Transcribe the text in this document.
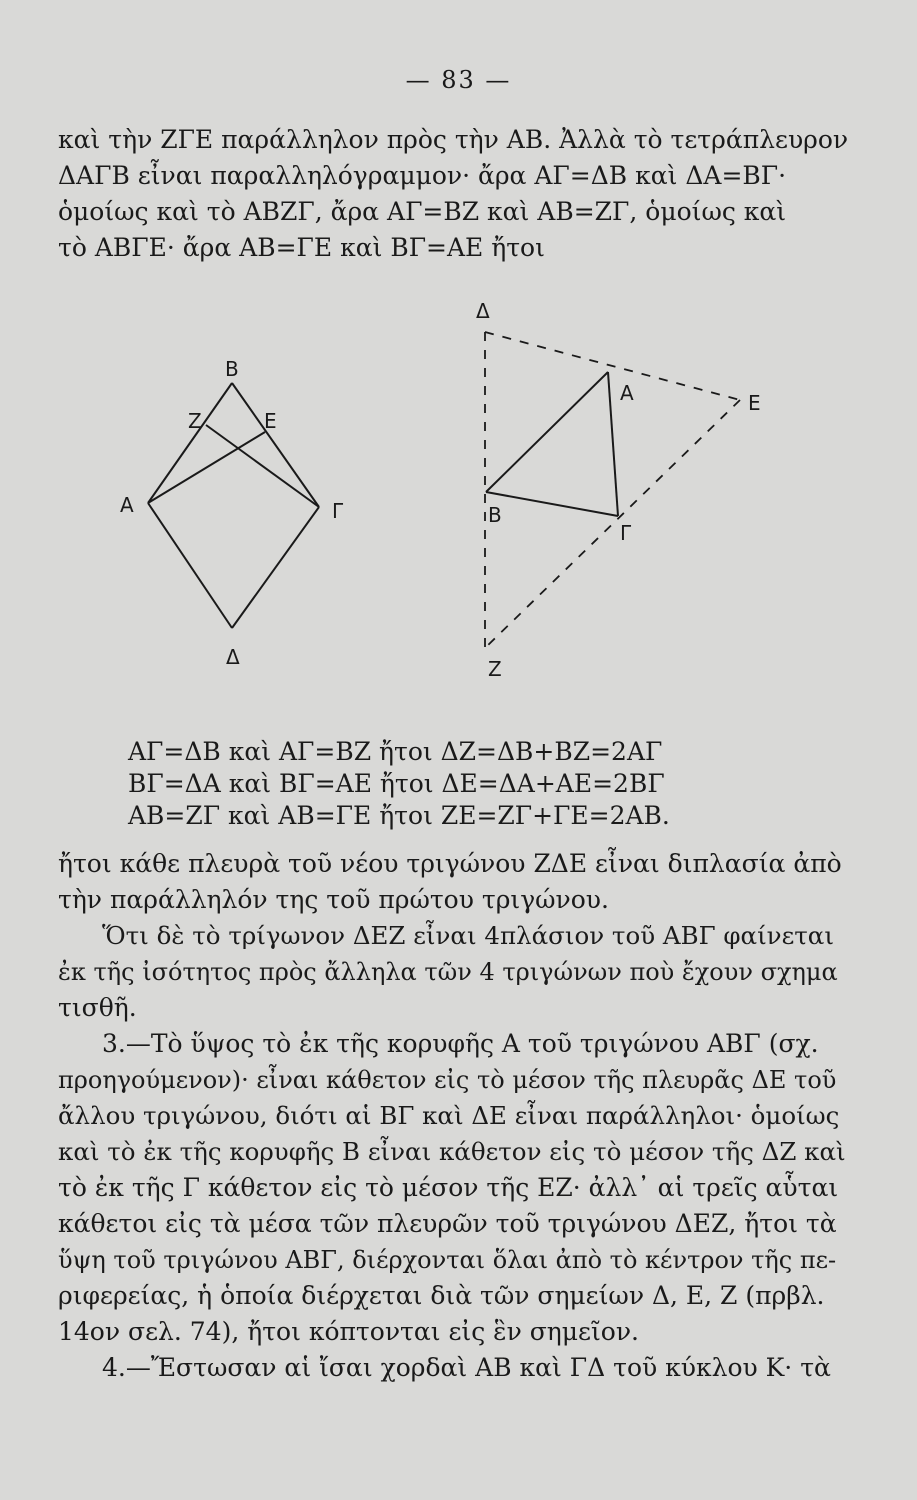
— 83 —
καὶ τὴν ΖΓΕ παράλληλον πρὸς τὴν ΑΒ. Ἀλλὰ τὸ τετράπλευρον
ΔΑΓΒ εἶναι παραλληλόγραμμον· ἄρα ΑΓ=ΔΒ καὶ ΔΑ=ΒΓ·
ὁμοίως καὶ τὸ ΑΒΖΓ, ἄρα ΑΓ=ΒΖ καὶ ΑΒ=ΖΓ, ὁμοίως καὶ
τὸ ΑΒΓΕ· ἄρα ΑΒ=ΓΕ καὶ ΒΓ=ΑΕ ἤτοι
Β
Ζ	Ε
Α	Γ
Δ
Δ
Α	Ε
Β
Γ
Ζ
ΑΓ=ΔΒ καὶ ΑΓ=ΒΖ ἤτοι ΔΖ=ΔΒ+ΒΖ=2ΑΓ
ΒΓ=ΔΑ καὶ ΒΓ=ΑΕ ἤτοι ΔΕ=ΔΑ+ΑΕ=2ΒΓ
ΑΒ=ΖΓ καὶ ΑΒ=ΓΕ ἤτοι ΖΕ=ΖΓ+ΓΕ=2ΑΒ.
ἤτοι κάθε πλευρὰ τοῦ νέου τριγώνου ΖΔΕ εἶναι διπλασία ἀπὸ
τὴν παράλληλόν της τοῦ πρώτου τριγώνου.
Ὅτι δὲ τὸ τρίγωνον ΔΕΖ εἶναι 4πλάσιον τοῦ ΑΒΓ φαίνεται
ἐκ τῆς ἰσότητος πρὸς ἄλληλα τῶν 4 τριγώνων ποὺ ἔχουν σχημα
τισθῆ.
3.—Τὸ ὕψος τὸ ἐκ τῆς κορυφῆς Α τοῦ τριγώνου ΑΒΓ (σχ.
προηγούμενον)· εἶναι κάθετον εἰς τὸ μέσον τῆς πλευρᾶς ΔΕ τοῦ
ἄλλου τριγώνου, διότι αἱ ΒΓ καὶ ΔΕ εἶναι παράλληλοι· ὁμοίως
καὶ τὸ ἐκ τῆς κορυφῆς Β εἶναι κάθετον εἰς τὸ μέσον τῆς ΔΖ καὶ
τὸ ἐκ τῆς Γ κάθετον εἰς τὸ μέσον τῆς ΕΖ· ἀλλ᾽ αἱ τρεῖς αὗται
κάθετοι εἰς τὰ μέσα τῶν πλευρῶν τοῦ τριγώνου ΔΕΖ, ἤτοι τὰ
ὕψη τοῦ τριγώνου ΑΒΓ, διέρχονται ὅλαι ἀπὸ τὸ κέντρον τῆς πε-
ριφερείας, ἡ ὁποία διέρχεται διὰ τῶν σημείων Δ, Ε, Ζ (πρβλ.
14ον σελ. 74), ἤτοι κόπτονται εἰς ἓν σημεῖον.
4.—Ἔστωσαν αἱ ἴσαι χορδαὶ ΑΒ καὶ ΓΔ τοῦ κύκλου Κ· τὰ
